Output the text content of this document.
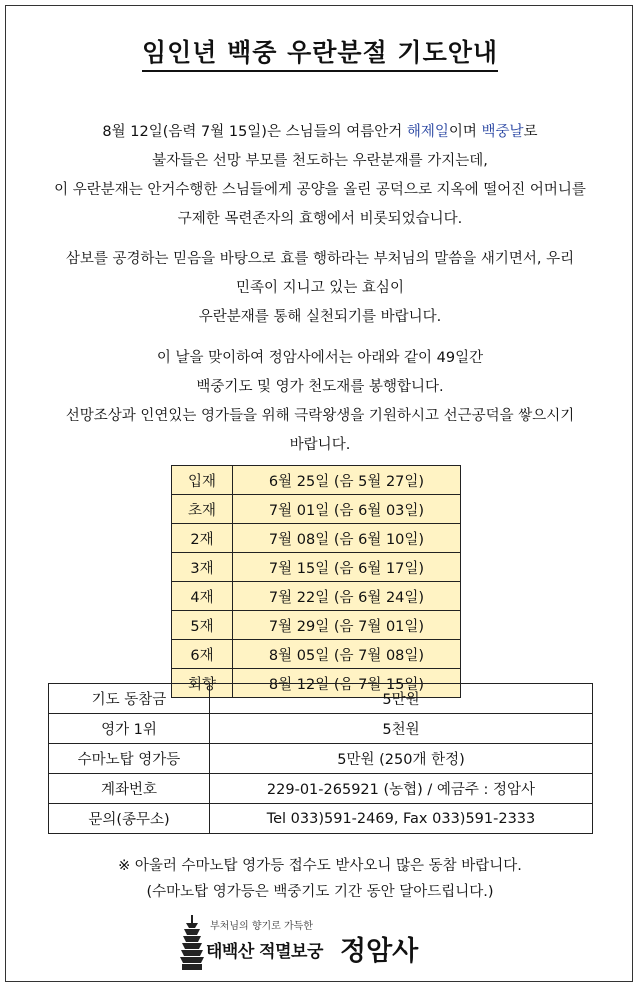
임인년 백중 우란분절 기도안내
8월 12일(음력 7월 15일)은 스님들의 여름안거 해제일이며 백중날로
불자들은 선망 부모를 천도하는 우란분재를 가지는데,
이 우란분재는 안거수행한 스님들에게 공양을 올린 공덕으로 지옥에 떨어진 어머니를
구제한 목련존자의 효행에서 비롯되었습니다.
삼보를 공경하는 믿음을 바탕으로 효를 행하라는 부처님의 말씀을 새기면서, 우리
민족이 지니고 있는 효심이
우란분재를 통해 실천되기를 바랍니다.
이 날을 맞이하여 정암사에서는 아래와 같이 49일간
백중기도 및 영가 천도재를 봉행합니다.
선망조상과 인연있는 영가들을 위해 극락왕생을 기원하시고 선근공덕을 쌓으시기
바랍니다.
입재	6월 25일 (음 5월 27일)
초재	7월 01일 (음 6월 03일)
2재	7월 08일 (음 6월 10일)
3재	7월 15일 (음 6월 17일)
4재	7월 22일 (음 6월 24일)
5재	7월 29일 (음 7월 01일)
6재	8월 05일 (음 7월 08일)
회향	8월 12일 (음 7월 15일)
기도 동참금	5만원
영가 1위	5천원
수마노탑 영가등	5만원 (250개 한정)
계좌번호	229-01-265921 (농협) / 예금주 : 정암사
문의(종무소)	Tel 033)591-2469, Fax 033)591-2333
※ 아울러 수마노탑 영가등 접수도 받사오니 많은 동참 바랍니다.
(수마노탑 영가등은 백중기도 기간 동안 달아드립니다.)
부처님의 향기로 가득한
태백산 적멸보궁 정암사
